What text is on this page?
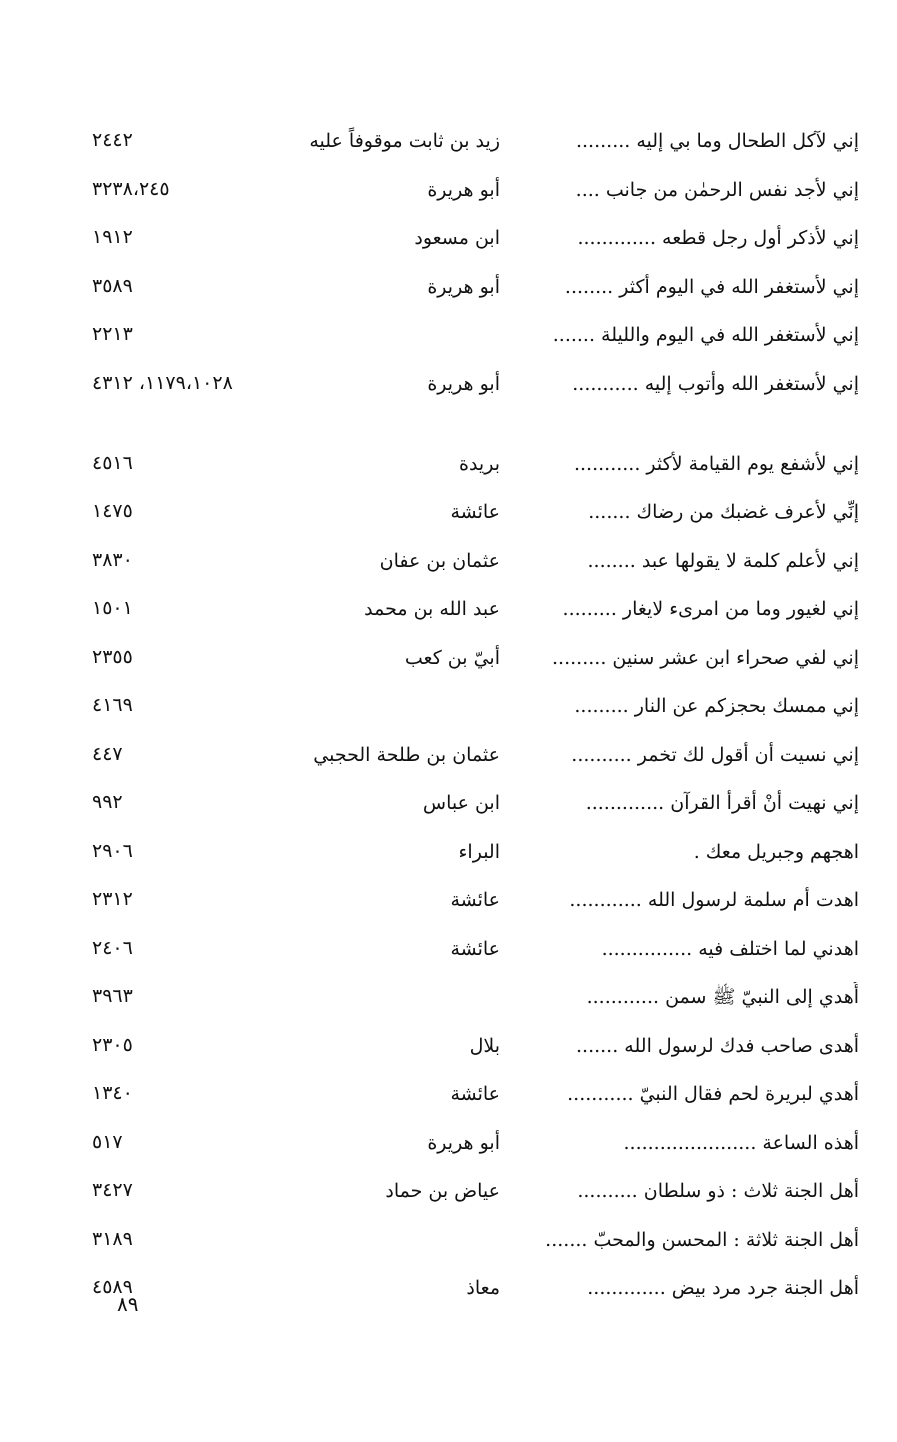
إني لآكل الطحال وما بي إليه .........
زيد بن ثابت موقوفاً عليه
٢٤٤٢
إني لأجد نفس الرحمٰن من جانب ....
أبو هريرة
٣٢٣٨،٢٤٥
إني لأذكر أول رجل قطعه .............
ابن مسعود
١٩١٢
إني لأستغفر الله في اليوم أكثر ........
أبو هريرة
٣٥٨٩
إني لأستغفر الله في اليوم والليلة .......
٢٢١٣
إني لأستغفر الله وأتوب إليه ...........
أبو هريرة
١١٧٩،١٠٢٨، ٤٣١٢
إني لأشفع يوم القيامة لأكثر ...........
بريدة
٤٥١٦
إنِّي لأعرف غضبك من رضاك .......
عائشة
١٤٧٥
إني لأعلم كلمة لا يقولها عبد ........
عثمان بن عفان
٣٨٣٠
إني لغيور وما من امرىء لايغار .........
عبد الله بن محمد
١٥٠١
إني لفي صحراء ابن عشر سنين .........
أبيّ بن كعب
٢٣٥٥
إني ممسك بحجزكم عن النار .........
٤١٦٩
إني نسيت أن أقول لك تخمر ..........
عثمان بن طلحة الحجبي
٤٤٧
إني نهيت أنْ أقرأ القرآن .............
ابن عباس
٩٩٢
اهجهم وجبريل معك .
البراء
٢٩٠٦
اهدت أم سلمة لرسول الله ............
عائشة
٢٣١٢
اهدني لما اختلف فيه ...............
عائشة
٢٤٠٦
أُهدي إلى النبيّ ﷺ سمن ............
٣٩٦٣
أهدى صاحب فدك لرسول الله .......
بلال
٢٣٠٥
أهدي لبريرة لحم فقال النبيّ ...........
عائشة
١٣٤٠
أهذه الساعة ......................
أبو هريرة
٥١٧
أهل الجنة ثلاث : ذو سلطان ..........
عياض بن حماد
٣٤٢٧
أهل الجنة ثلاثة : المحسن والمحبّ .......
٣١٨٩
أهل الجنة جرد مرد بيض .............
معاذ
٤٥٨٩
٨٩
